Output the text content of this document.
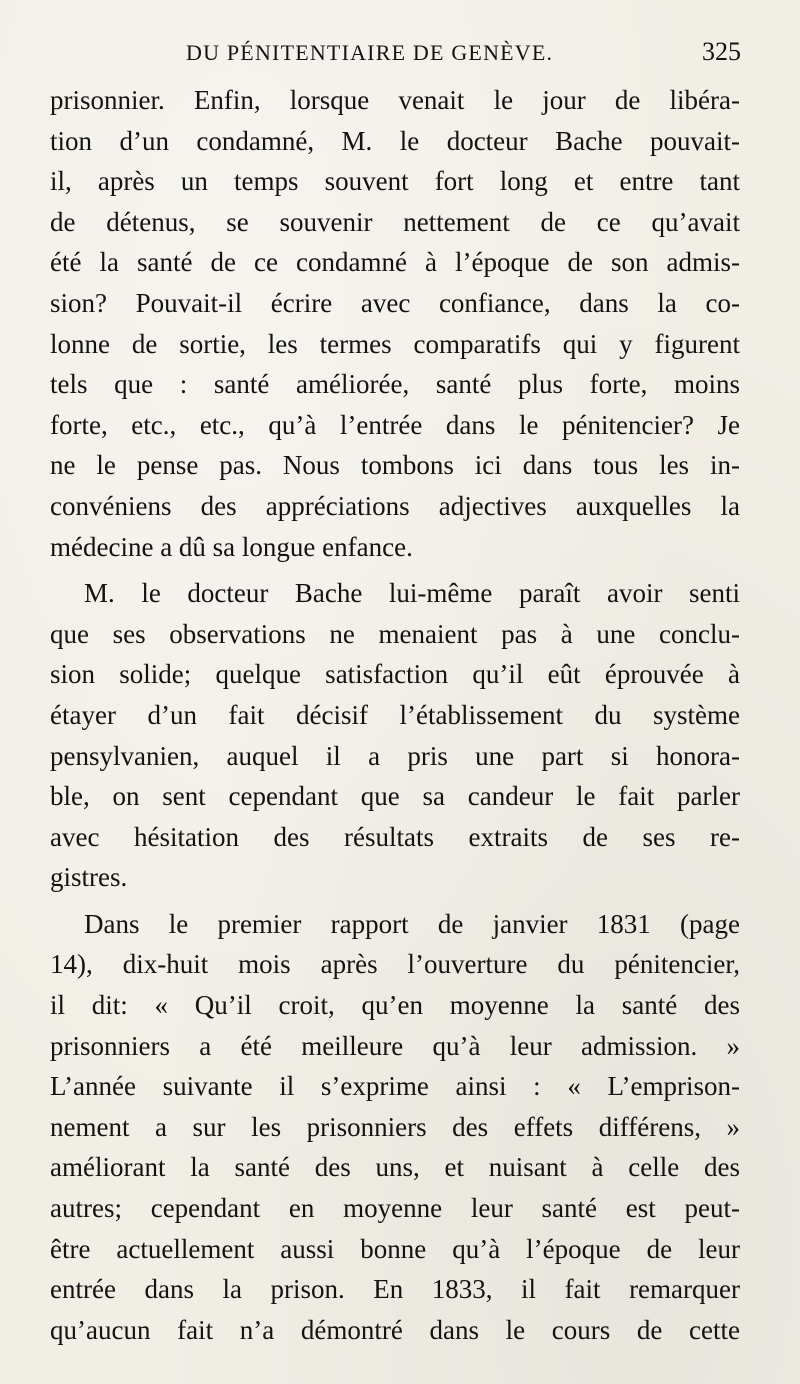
DU PÉNITENTIAIRE DE GENÈVE.	325
prisonnier. Enfin, lorsque venait le jour de libéra-
tion d’un condamné, M. le docteur Bache pouvait-
il, après un temps souvent fort long et entre tant
de détenus, se souvenir nettement de ce qu’avait
été la santé de ce condamné à l’époque de son admis-
sion? Pouvait-il écrire avec confiance, dans la co-
lonne de sortie, les termes comparatifs qui y figurent
tels que : santé améliorée, santé plus forte, moins
forte, etc., etc., qu’à l’entrée dans le pénitencier? Je
ne le pense pas. Nous tombons ici dans tous les in-
convéniens des appréciations adjectives auxquelles la
médecine a dû sa longue enfance.
M. le docteur Bache lui-même paraît avoir senti
que ses observations ne menaient pas à une conclu-
sion solide; quelque satisfaction qu’il eût éprouvée à
étayer d’un fait décisif l’établissement du système
pensylvanien, auquel il a pris une part si honora-
ble, on sent cependant que sa candeur le fait parler
avec hésitation des résultats extraits de ses re-
gistres.
Dans le premier rapport de janvier 1831 (page
14), dix-huit mois après l’ouverture du pénitencier,
il dit: « Qu’il croit, qu’en moyenne la santé des
prisonniers a été meilleure qu’à leur admission. »
L’année suivante il s’exprime ainsi : « L’emprison-
nement a sur les prisonniers des effets différens, »
améliorant la santé des uns, et nuisant à celle des
autres; cependant en moyenne leur santé est peut-
être actuellement aussi bonne qu’à l’époque de leur
entrée dans la prison. En 1833, il fait remarquer
qu’aucun fait n’a démontré dans le cours de cette
